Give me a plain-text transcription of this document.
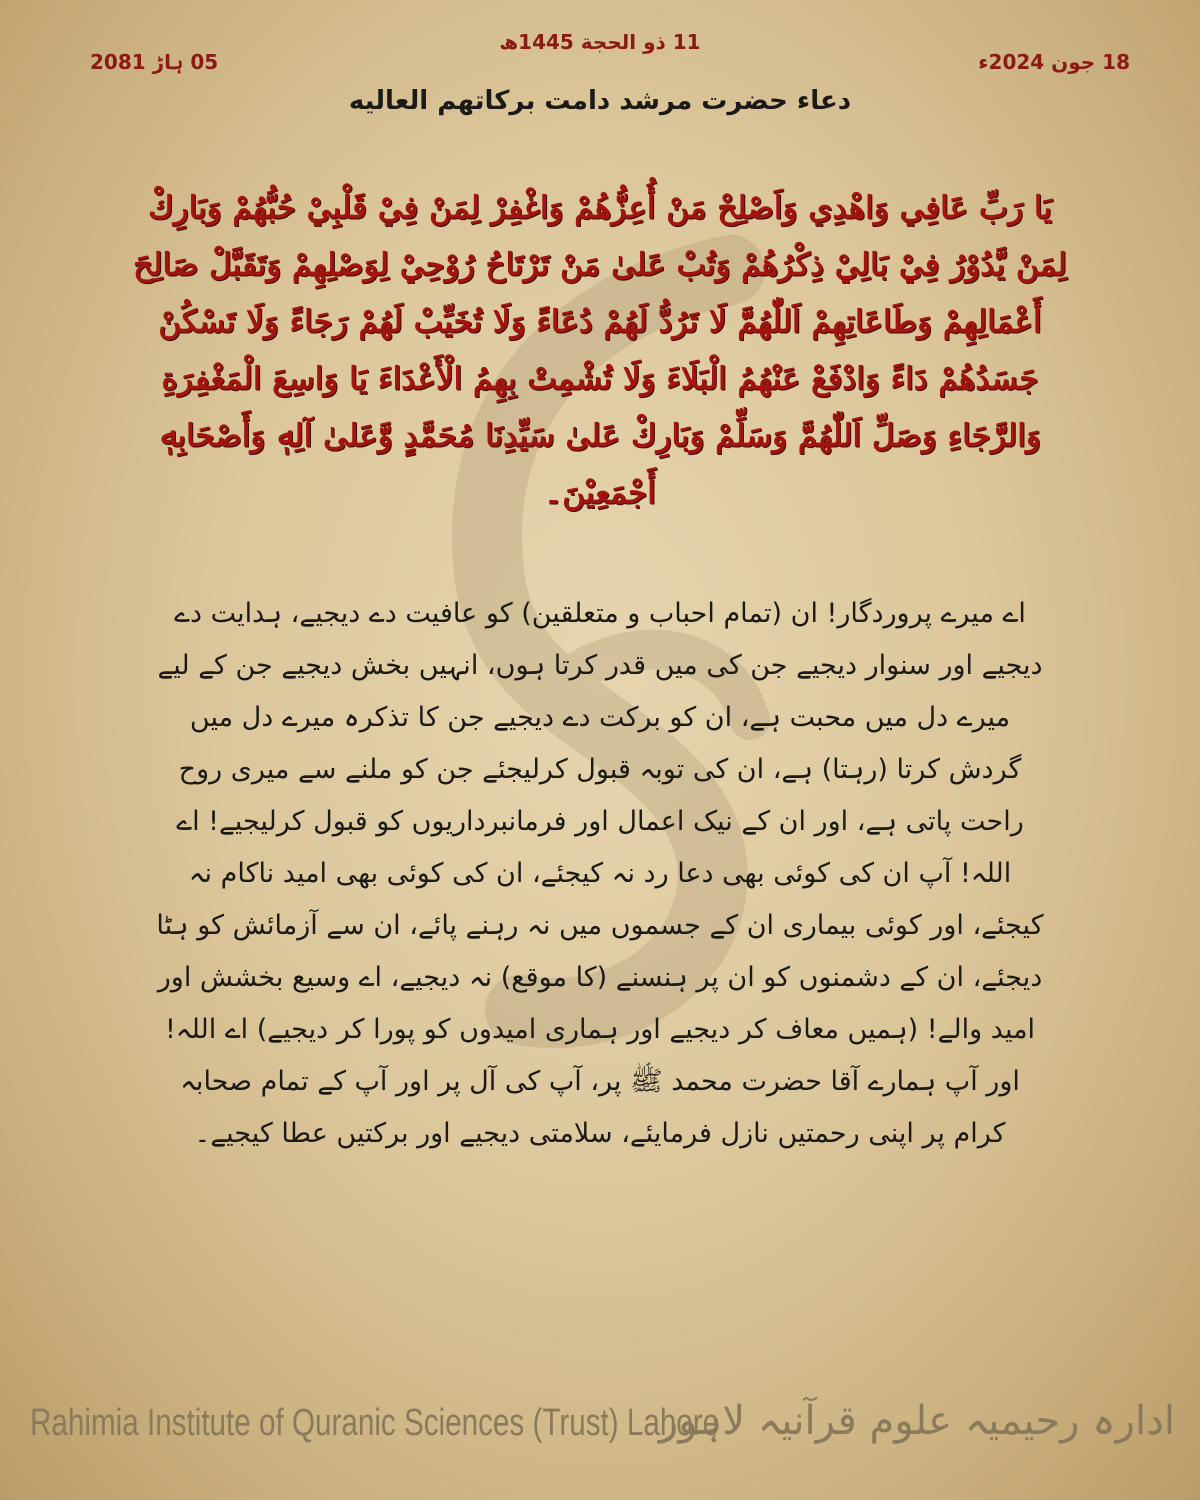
11 ذو الحجة 1445ھ
18 جون 2024ء
05 ہاڑ 2081
دعاء حضرت مرشد دامت برکاتهم العالیه
يَا رَبِّ عَافِي وَاهْدِي وَاَصْلِحْ مَنْ أُعِزُّهُمْ وَاغْفِرْ لِمَنْ فِيْ قَلْبِيْ حُبُّهُمْ وَبَارِكْ لِمَنْ يَّدُوْرُ فِيْ بَالِيْ ذِكْرُهُمْ وَتُبْ عَلىٰ مَنْ تَرْتَاحُ رُوْحِيْ لِوَصْلِهِمْ وَتَقَبَّلْ صَالِحَ أَعْمَالِهِمْ وَطَاعَاتِهِمْ اَللّٰهُمَّ لَا تَرُدُّ لَهُمْ دُعَاءً وَلَا تُخَيِّبْ لَهُمْ رَجَاءً وَلَا تَسْكُنْ جَسَدُهُمْ دَاءً وَادْفَعْ عَنْهُمُ الْبَلَاءَ وَلَا تُشْمِتْ بِهِمُ الْأَعْدَاءَ يَا وَاسِعَ الْمَغْفِرَةِ وَالرَّجَاءِ وَصَلِّ اَللّٰهُمَّ وَسَلِّمْ وَبَارِكْ عَلىٰ سَيِّدِنَا مُحَمَّدٍ وَّعَلىٰ آلِهٖ وَأَصْحَابِهٖ أَجْمَعِيْنَ۔
اے میرے پروردگار! ان (تمام احباب و متعلقین) کو عافیت دے دیجیے، ہدایت دے دیجیے اور سنوار دیجیے جن کی میں قدر کرتا ہوں، انہیں بخش دیجیے جن کے لیے میرے دل میں محبت ہے، ان کو برکت دے دیجیے جن کا تذکرہ میرے دل میں گردش کرتا (رہتا) ہے، ان کی توبہ قبول کرلیجئے جن کو ملنے سے میری روح راحت پاتی ہے، اور ان کے نیک اعمال اور فرمانبرداریوں کو قبول کرلیجیے! اے اللہ! آپ ان کی کوئی بھی دعا رد نہ کیجئے، ان کی کوئی بھی امید ناکام نہ کیجئے، اور کوئی بیماری ان کے جسموں میں نہ رہنے پائے، ان سے آزمائش کو ہٹا دیجئے، ان کے دشمنوں کو ان پر ہنسنے (کا موقع) نہ دیجیے، اے وسیع بخشش اور امید والے! (ہمیں معاف کر دیجیے اور ہماری امیدوں کو پورا کر دیجیے) اے اللہ! اور آپ ہمارے آقا حضرت محمد ﷺ پر، آپ کی آل پر اور آپ کے تمام صحابہ کرام پر اپنی رحمتیں نازل فرمایئے، سلامتی دیجیے اور برکتیں عطا کیجیے۔
Rahimia Institute of Quranic Sciences (Trust) Lahore
ادارہ رحیمیہ علوم قرآنیہ لاہور
